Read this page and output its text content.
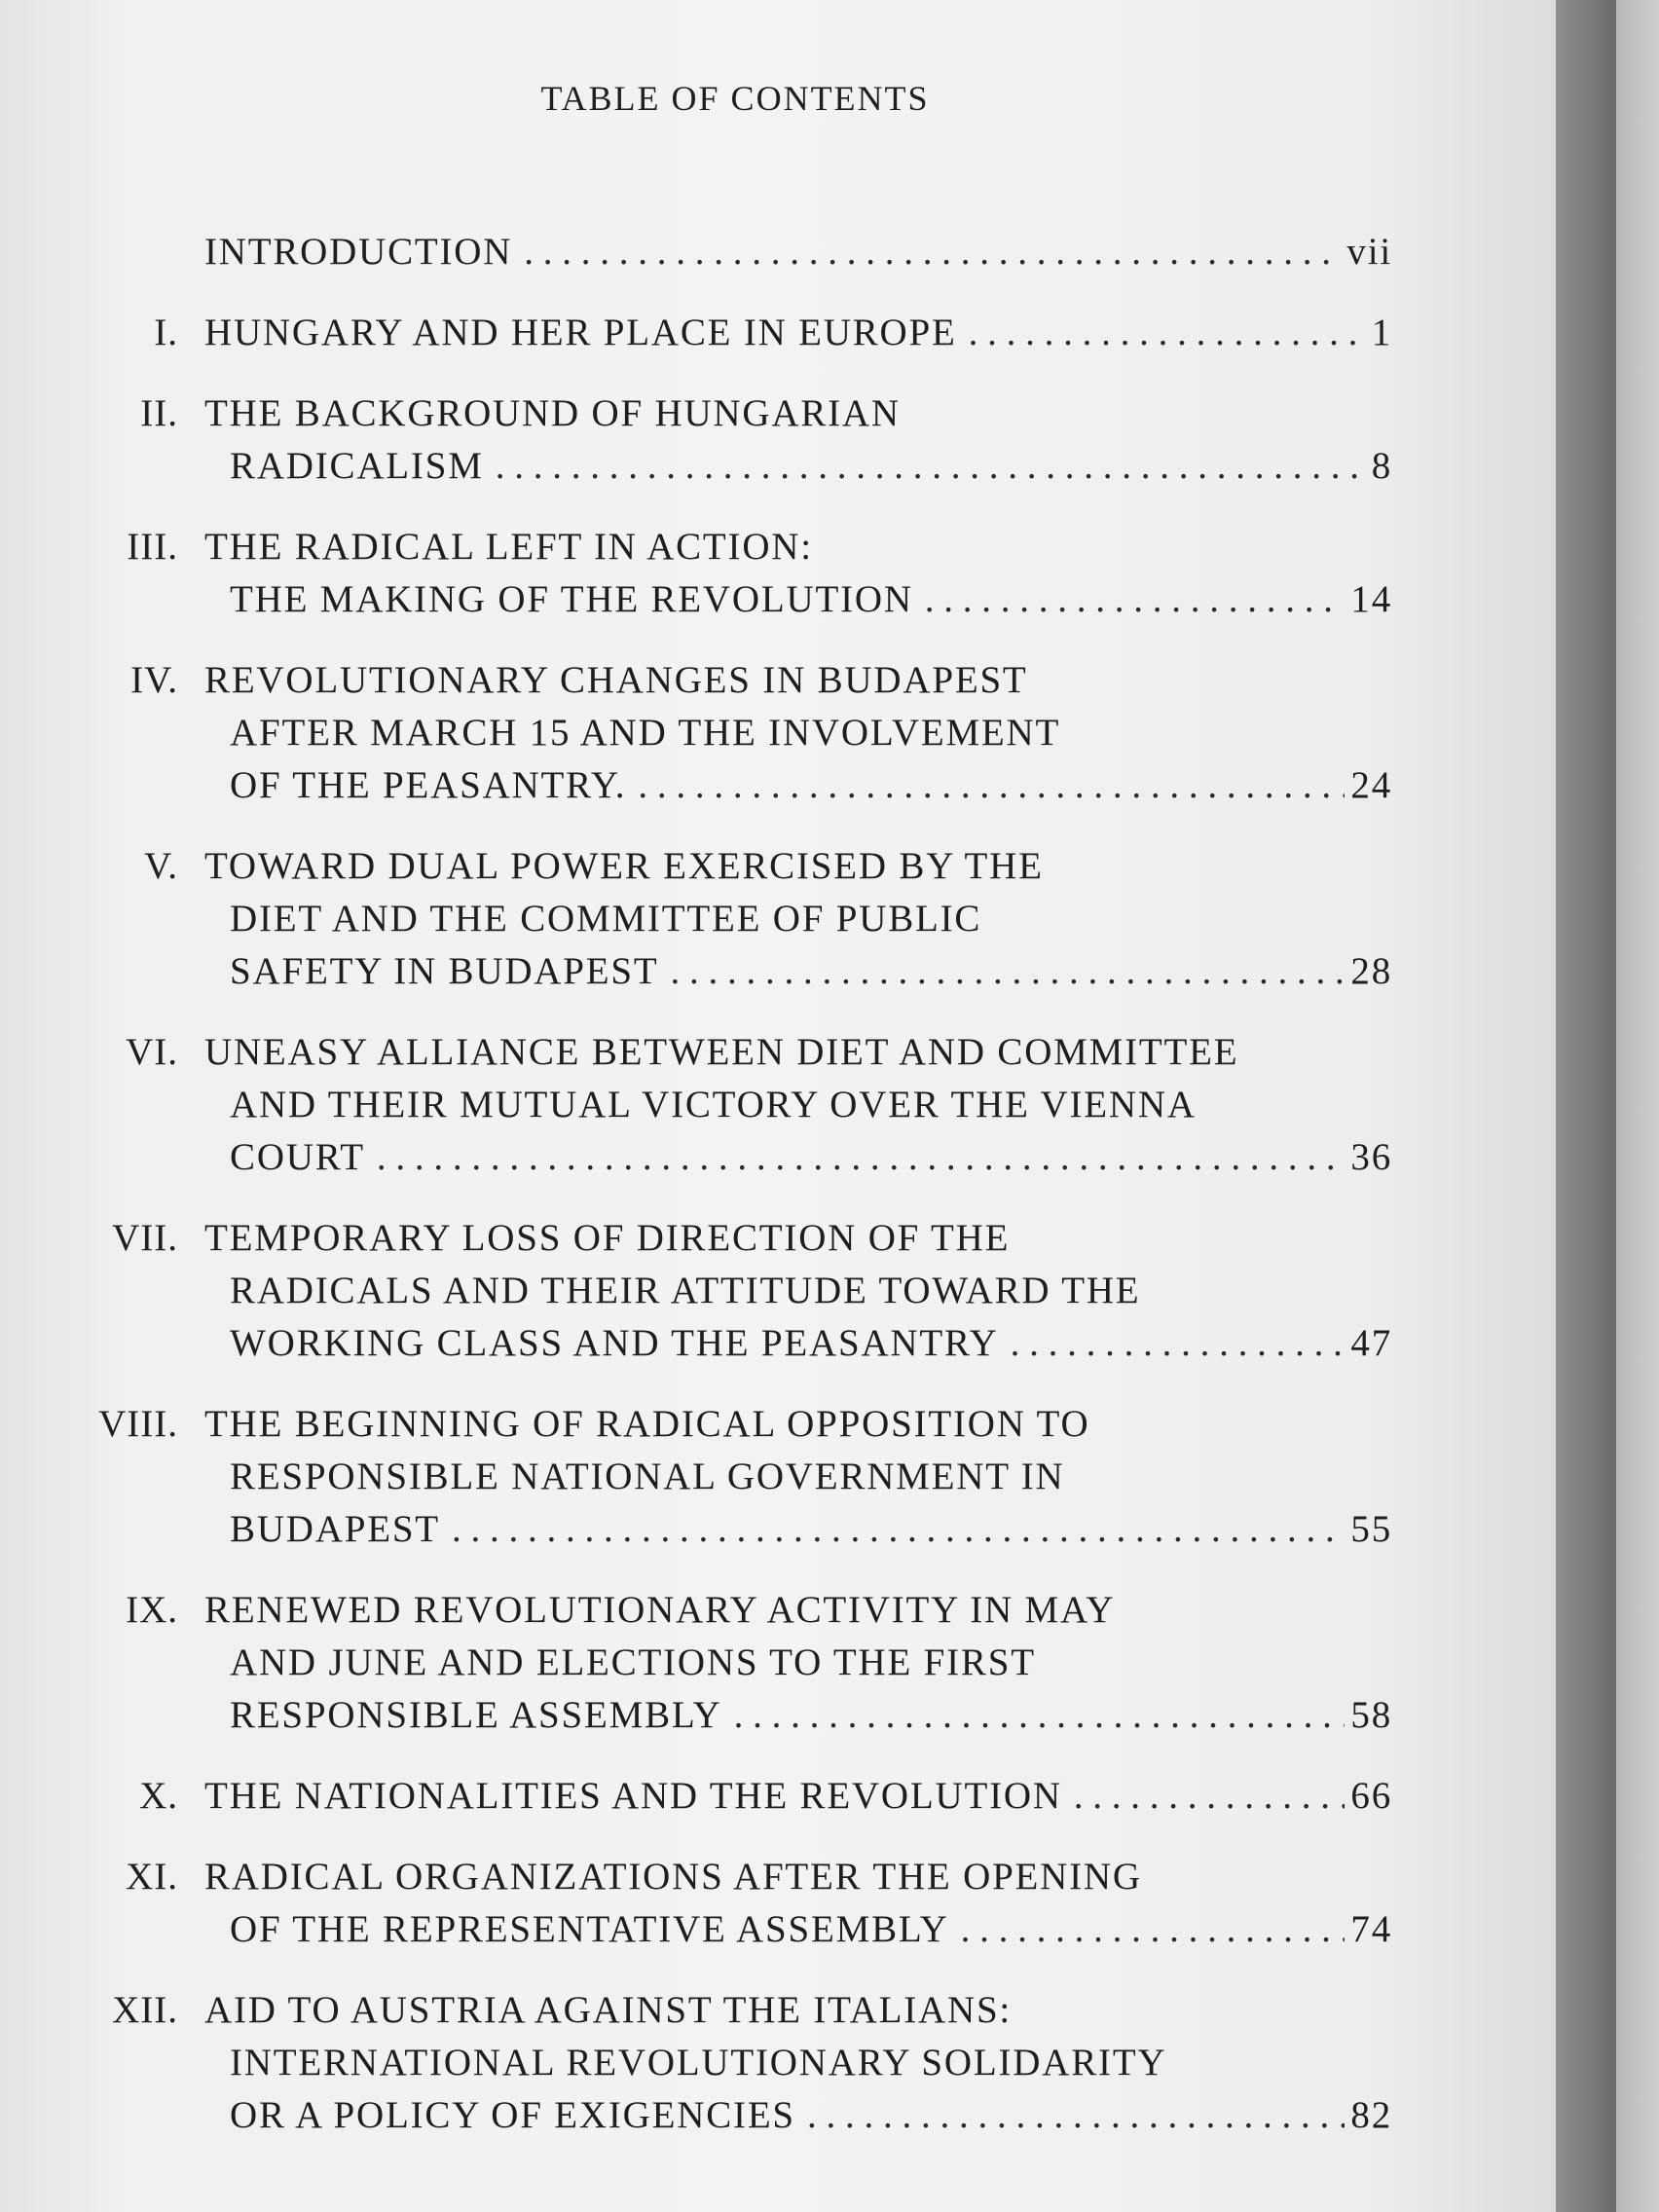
TABLE OF CONTENTS
INTRODUCTION . . .	vii
I. HUNGARY AND HER PLACE IN EUROPE . . .	1
II. THE BACKGROUND OF HUNGARIAN
RADICALISM . . .	8
III. THE RADICAL LEFT IN ACTION:
THE MAKING OF THE REVOLUTION . . .	14
IV. REVOLUTIONARY CHANGES IN BUDAPEST
AFTER MARCH 15 AND THE INVOLVEMENT
OF THE PEASANTRY. . . .	24
V. TOWARD DUAL POWER EXERCISED BY THE
DIET AND THE COMMITTEE OF PUBLIC
SAFETY IN BUDAPEST . . .	28
VI. UNEASY ALLIANCE BETWEEN DIET AND COMMITTEE
AND THEIR MUTUAL VICTORY OVER THE VIENNA
COURT . . .	36
VII. TEMPORARY LOSS OF DIRECTION OF THE
RADICALS AND THEIR ATTITUDE TOWARD THE
WORKING CLASS AND THE PEASANTRY . . .	47
VIII. THE BEGINNING OF RADICAL OPPOSITION TO
RESPONSIBLE NATIONAL GOVERNMENT IN
BUDAPEST . . .	55
IX. RENEWED REVOLUTIONARY ACTIVITY IN MAY
AND JUNE AND ELECTIONS TO THE FIRST
RESPONSIBLE ASSEMBLY . . .	58
X. THE NATIONALITIES AND THE REVOLUTION . . .	66
XI. RADICAL ORGANIZATIONS AFTER THE OPENING
OF THE REPRESENTATIVE ASSEMBLY . . .	74
XII. AID TO AUSTRIA AGAINST THE ITALIANS:
INTERNATIONAL REVOLUTIONARY SOLIDARITY
OR A POLICY OF EXIGENCIES . . .	82
